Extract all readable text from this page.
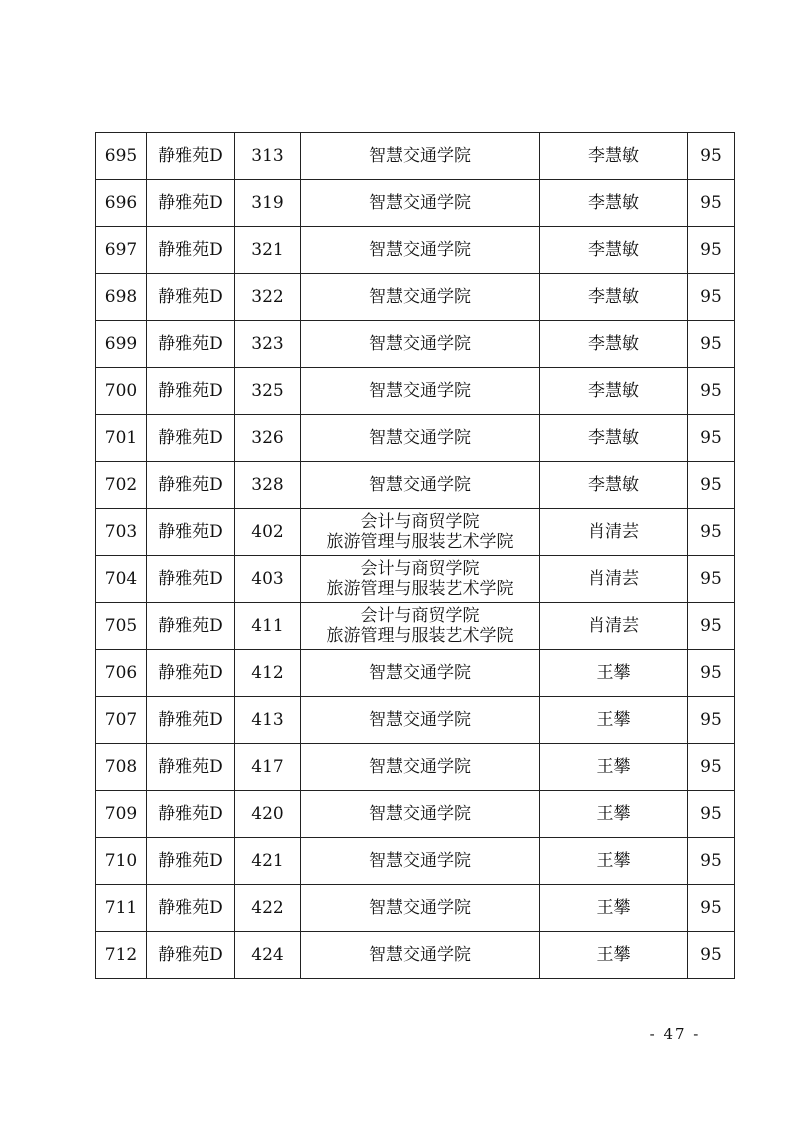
695	静雅苑D	313	智慧交通学院	李慧敏	95
696	静雅苑D	319	智慧交通学院	李慧敏	95
697	静雅苑D	321	智慧交通学院	李慧敏	95
698	静雅苑D	322	智慧交通学院	李慧敏	95
699	静雅苑D	323	智慧交通学院	李慧敏	95
700	静雅苑D	325	智慧交通学院	李慧敏	95
701	静雅苑D	326	智慧交通学院	李慧敏	95
702	静雅苑D	328	智慧交通学院	李慧敏	95
703	静雅苑D	402	会计与商贸学院
旅游管理与服装艺术学院	肖清芸	95
704	静雅苑D	403	会计与商贸学院
旅游管理与服装艺术学院	肖清芸	95
705	静雅苑D	411	会计与商贸学院
旅游管理与服装艺术学院	肖清芸	95
706	静雅苑D	412	智慧交通学院	王攀	95
707	静雅苑D	413	智慧交通学院	王攀	95
708	静雅苑D	417	智慧交通学院	王攀	95
709	静雅苑D	420	智慧交通学院	王攀	95
710	静雅苑D	421	智慧交通学院	王攀	95
711	静雅苑D	422	智慧交通学院	王攀	95
712	静雅苑D	424	智慧交通学院	王攀	95
- 47 -
